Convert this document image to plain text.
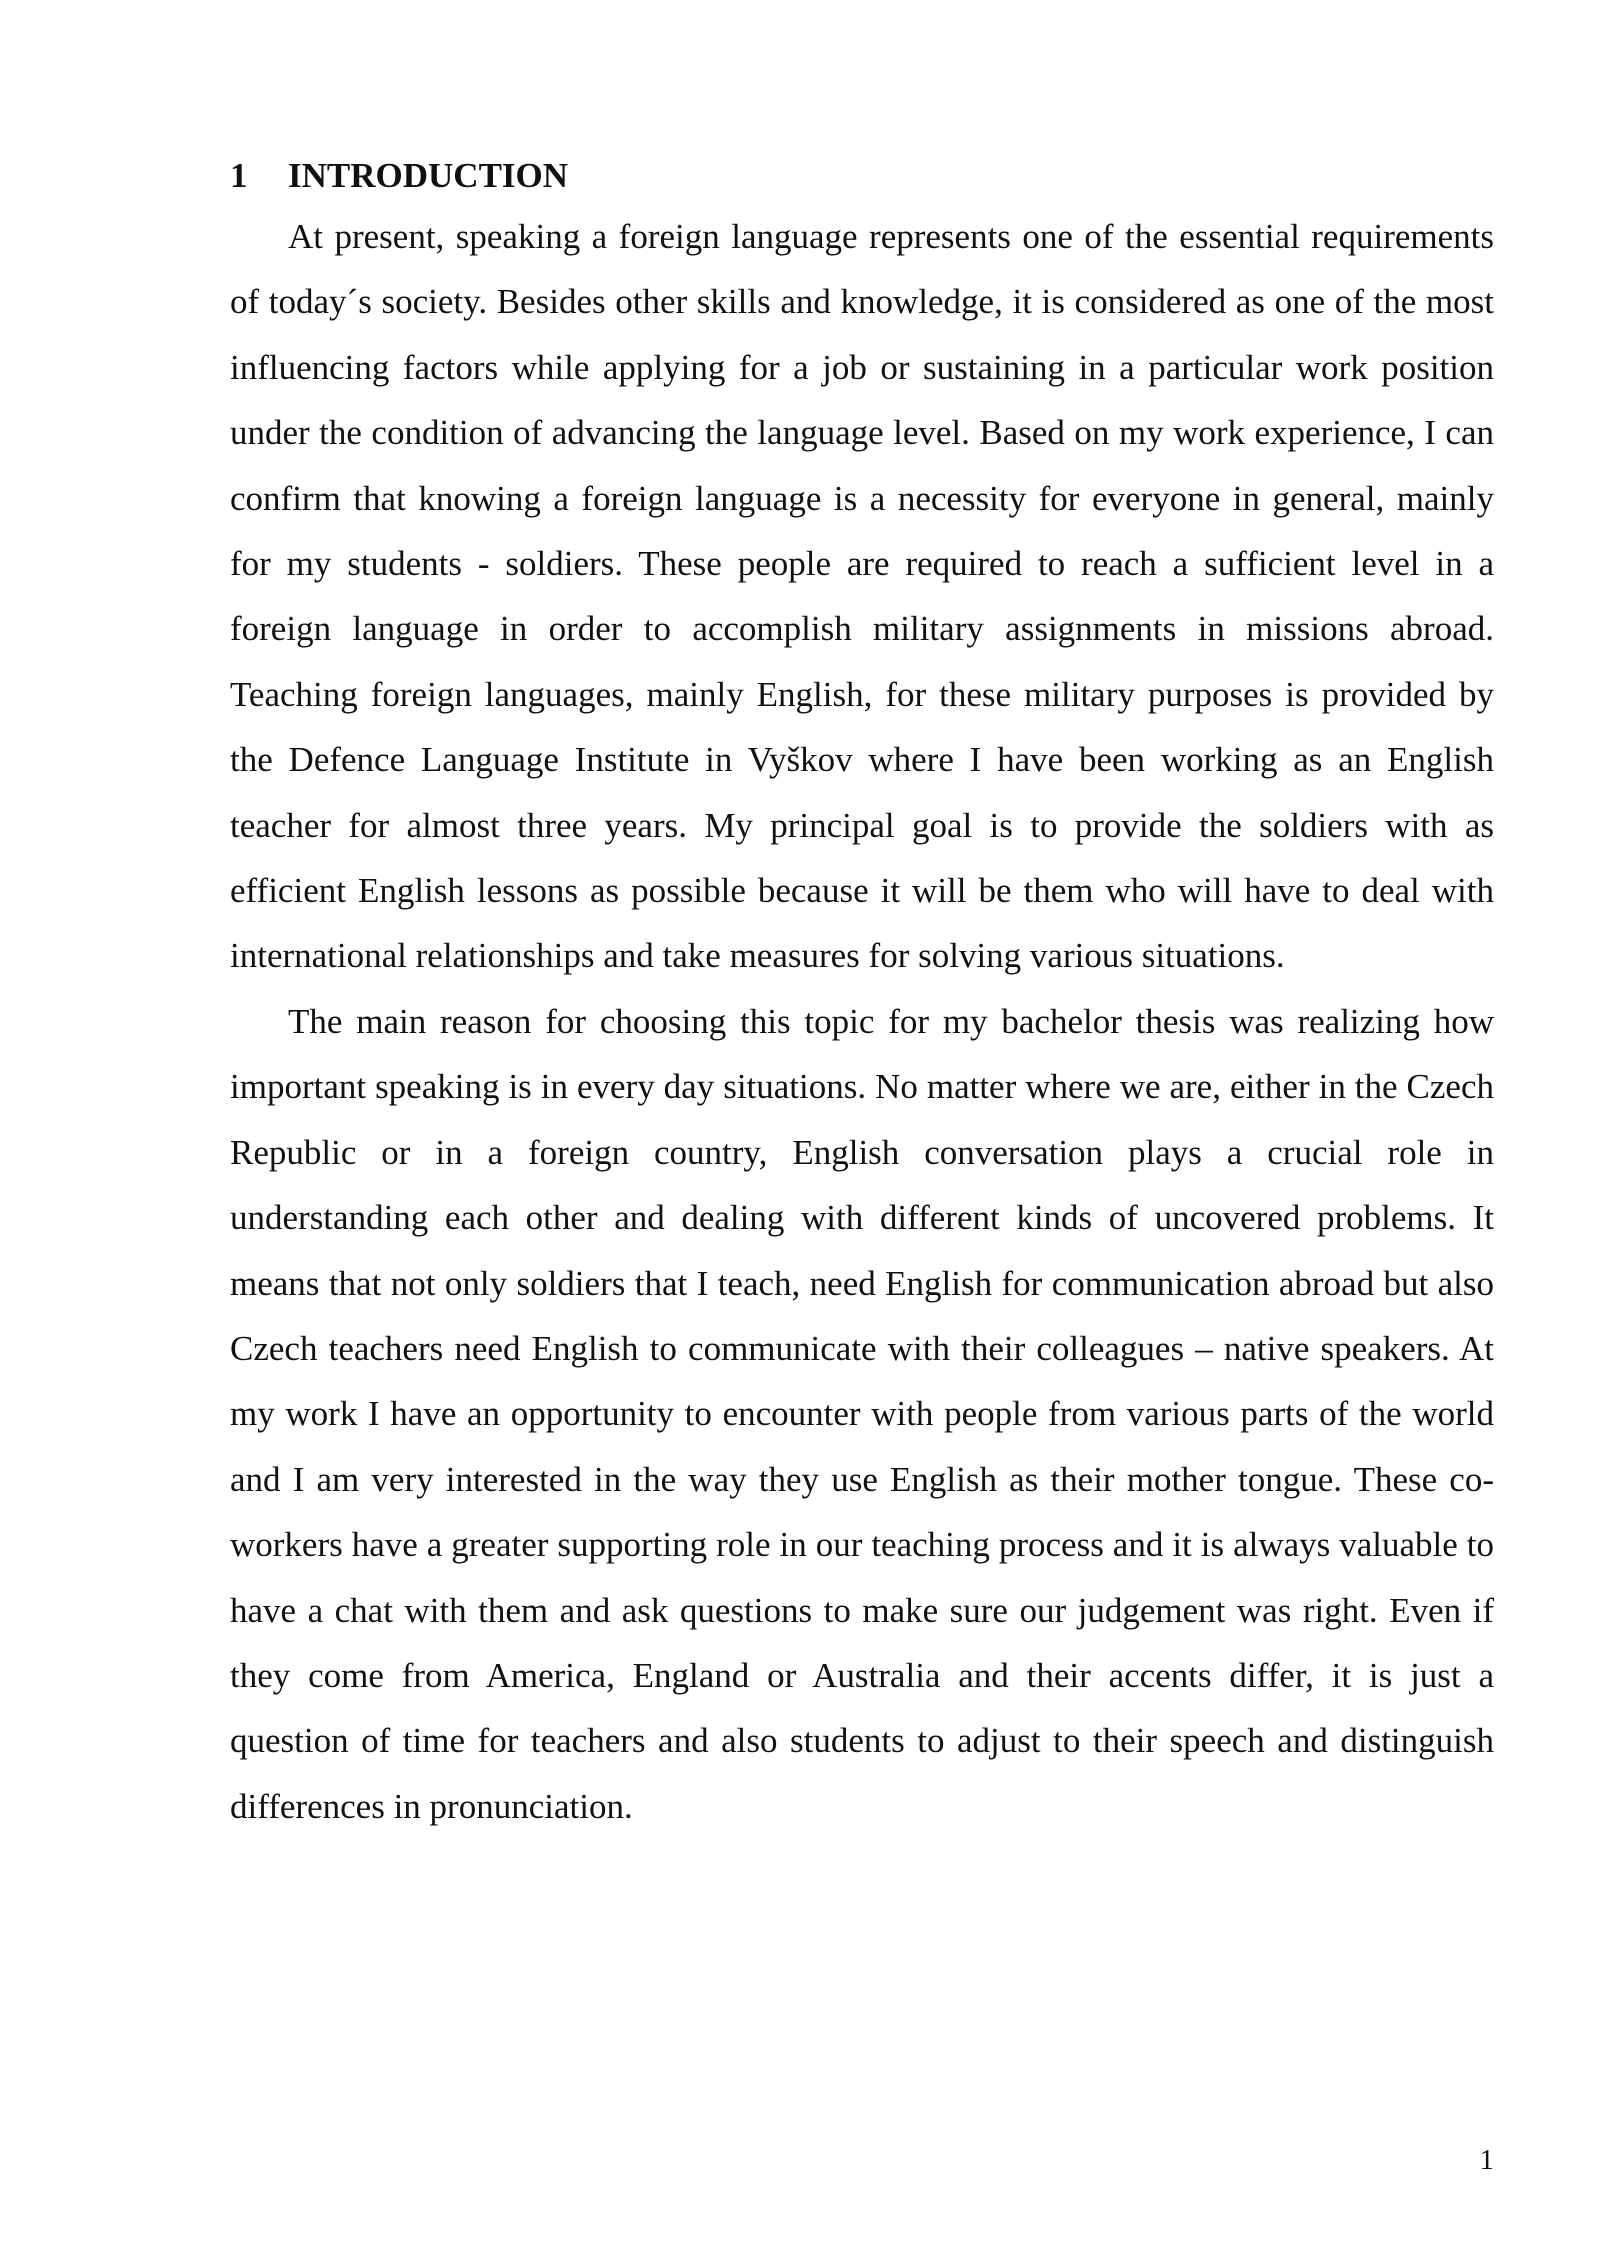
1 INTRODUCTION

At present, speaking a foreign language represents one of the essential requirements of today´s society. Besides other skills and knowledge, it is considered as one of the most influencing factors while applying for a job or sustaining in a particular work position under the condition of advancing the language level. Based on my work experience, I can confirm that knowing a foreign language is a necessity for everyone in general, mainly for my students - soldiers. These people are required to reach a sufficient level in a foreign language in order to accomplish military assignments in missions abroad. Teaching foreign languages, mainly English, for these military purposes is provided by the Defence Language Institute in Vyškov where I have been working as an English teacher for almost three years. My principal goal is to provide the soldiers with as efficient English lessons as possible because it will be them who will have to deal with international relationships and take measures for solving various situations.

The main reason for choosing this topic for my bachelor thesis was realizing how important speaking is in every day situations. No matter where we are, either in the Czech Republic or in a foreign country, English conversation plays a crucial role in understanding each other and dealing with different kinds of uncovered problems. It means that not only soldiers that I teach, need English for communication abroad but also Czech teachers need English to communicate with their colleagues – native speakers. At my work I have an opportunity to encounter with people from various parts of the world and I am very interested in the way they use English as their mother tongue. These co-workers have a greater supporting role in our teaching process and it is always valuable to have a chat with them and ask questions to make sure our judgement was right. Even if they come from America, England or Australia and their accents differ, it is just a question of time for teachers and also students to adjust to their speech and distinguish differences in pronunciation.

1
